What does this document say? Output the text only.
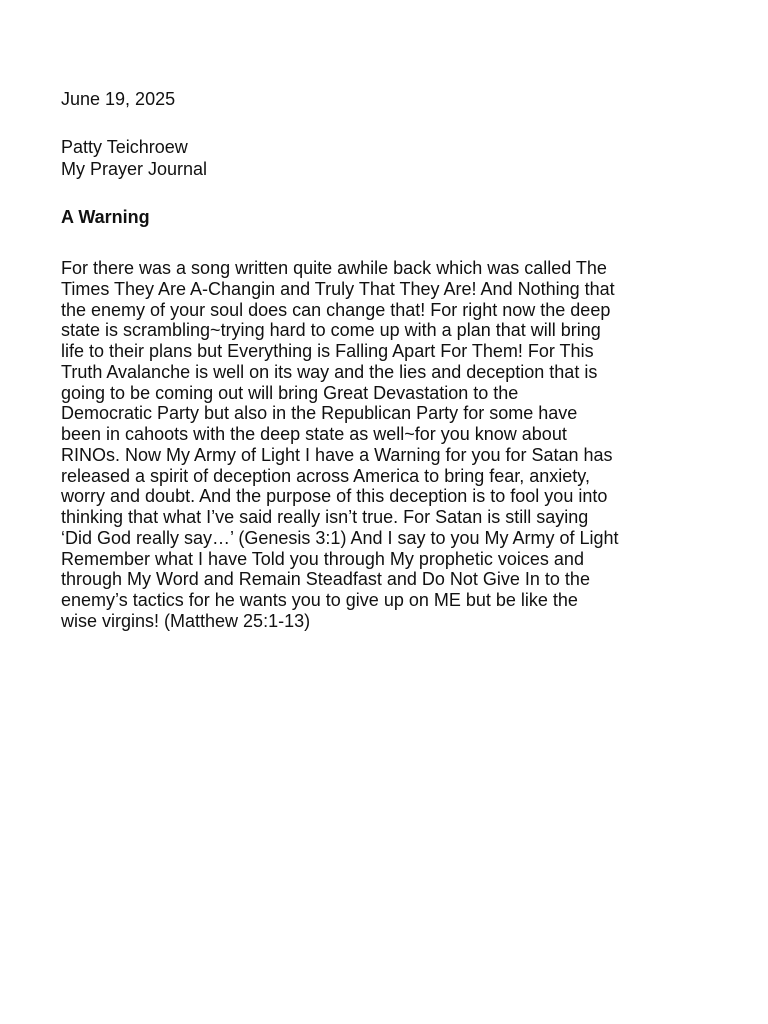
June 19, 2025

Patty Teichroew

My Prayer Journal

A Warning

For there was a song written quite awhile back which was called The
Times They Are A-Changin and Truly That They Are! And Nothing that
the enemy of your soul does can change that! For right now the deep
state is scrambling~trying hard to come up with a plan that will bring
life to their plans but Everything is Falling Apart For Them! For This
Truth Avalanche is well on its way and the lies and deception that is
going to be coming out will bring Great Devastation to the
Democratic Party but also in the Republican Party for some have
been in cahoots with the deep state as well~for you know about
RINOs. Now My Army of Light I have a Warning for you for Satan has
released a spirit of deception across America to bring fear, anxiety,
worry and doubt. And the purpose of this deception is to fool you into
thinking that what I’ve said really isn’t true. For Satan is still saying
‘Did God really say…’ (Genesis 3:1) And I say to you My Army of Light
Remember what I have Told you through My prophetic voices and
through My Word and Remain Steadfast and Do Not Give In to the
enemy’s tactics for he wants you to give up on ME but be like the
wise virgins! (Matthew 25:1-13)
